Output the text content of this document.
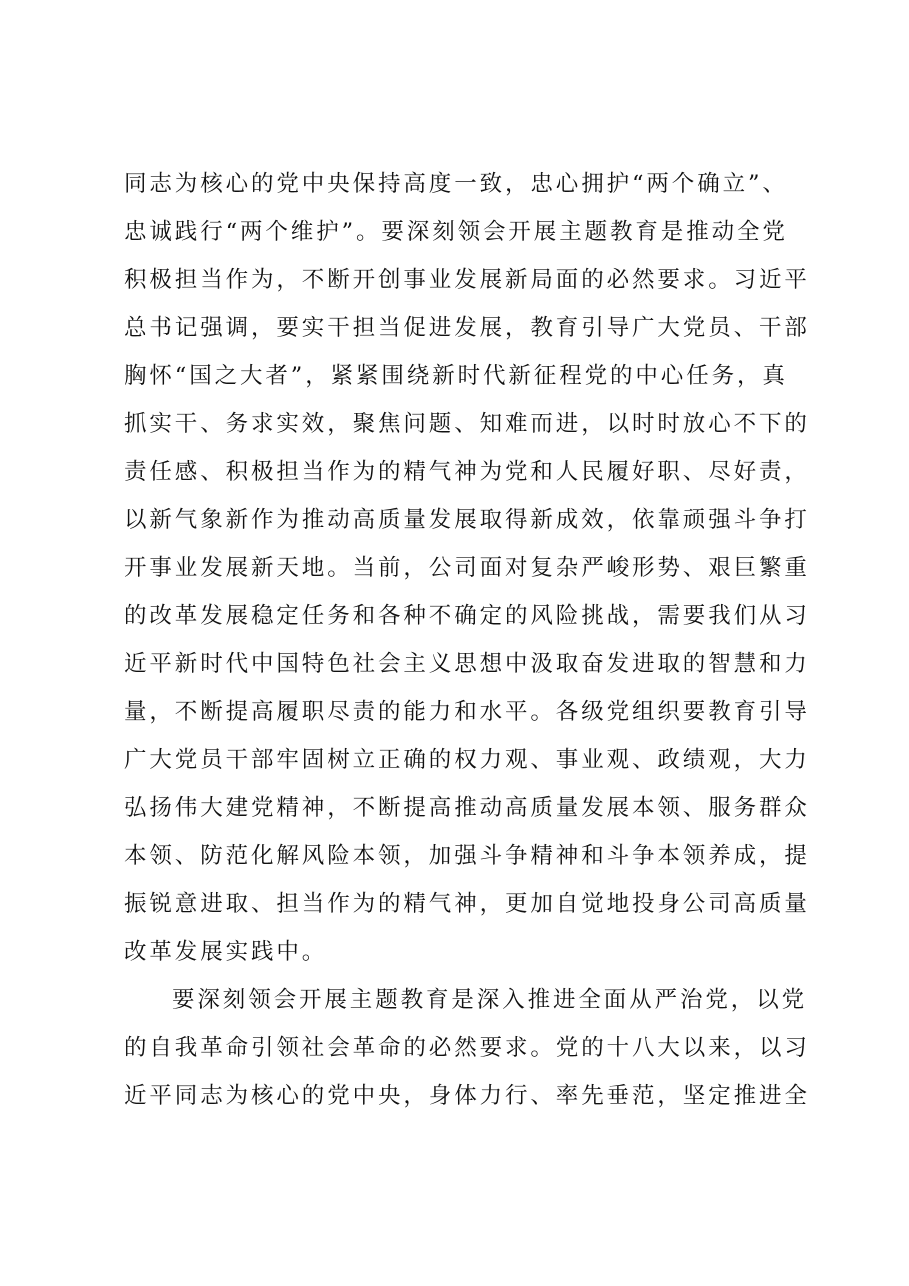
同志为核心的党中央保持高度一致，忠心拥护“两个确立”、
忠诚践行“两个维护”。要深刻领会开展主题教育是推动全党
积极担当作为，不断开创事业发展新局面的必然要求。习近平
总书记强调，要实干担当促进发展，教育引导广大党员、干部
胸怀“国之大者”，紧紧围绕新时代新征程党的中心任务，真
抓实干、务求实效，聚焦问题、知难而进，以时时放心不下的
责任感、积极担当作为的精气神为党和人民履好职、尽好责，
以新气象新作为推动高质量发展取得新成效，依靠顽强斗争打
开事业发展新天地。当前，公司面对复杂严峻形势、艰巨繁重
的改革发展稳定任务和各种不确定的风险挑战，需要我们从习
近平新时代中国特色社会主义思想中汲取奋发进取的智慧和力
量，不断提高履职尽责的能力和水平。各级党组织要教育引导
广大党员干部牢固树立正确的权力观、事业观、政绩观，大力
弘扬伟大建党精神，不断提高推动高质量发展本领、服务群众
本领、防范化解风险本领，加强斗争精神和斗争本领养成，提
振锐意进取、担当作为的精气神，更加自觉地投身公司高质量
改革发展实践中。
要深刻领会开展主题教育是深入推进全面从严治党，以党
的自我革命引领社会革命的必然要求。党的十八大以来，以习
近平同志为核心的党中央，身体力行、率先垂范，坚定推进全
